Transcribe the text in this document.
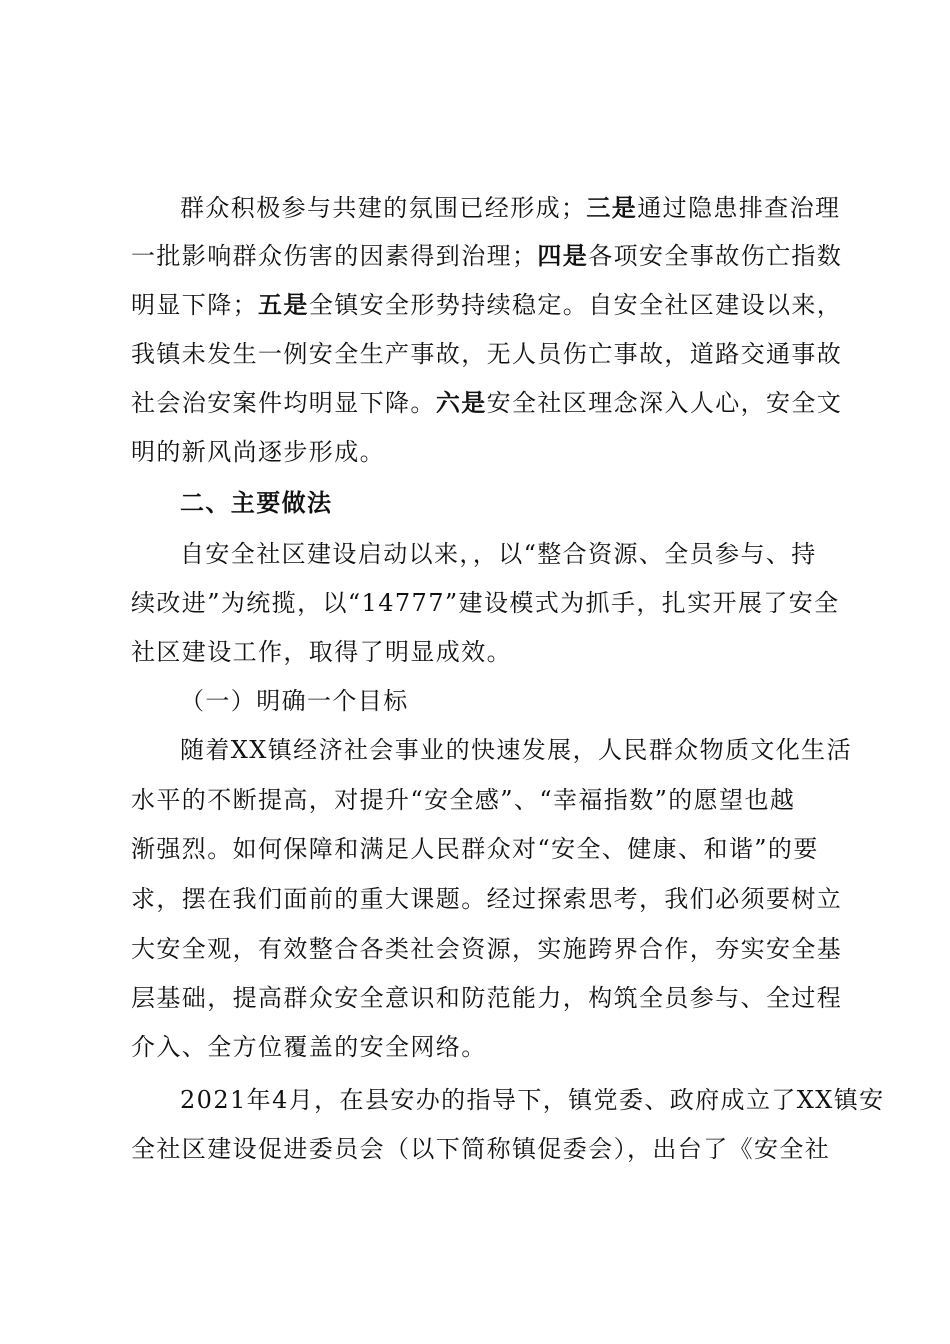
群众积极参与共建的氛围已经形成；三是通过隐患排查治理
一批影响群众伤害的因素得到治理；四是各项安全事故伤亡指数
明显下降；五是全镇安全形势持续稳定。自安全社区建设以来，
我镇未发生一例安全生产事故，无人员伤亡事故，道路交通事故
社会治安案件均明显下降。六是安全社区理念深入人心，安全文
明的新风尚逐步形成。
二、主要做法
自安全社区建设启动以来，，以“整合资源、全员参与、持
续改进”为统揽，以“14777”建设模式为抓手，扎实开展了安全
社区建设工作，取得了明显成效。
（一）明确一个目标
随着XX镇经济社会事业的快速发展，人民群众物质文化生活
水平的不断提高，对提升“安全感”、“幸福指数”的愿望也越
渐强烈。如何保障和满足人民群众对“安全、健康、和谐”的要
求，摆在我们面前的重大课题。经过探索思考，我们必须要树立
大安全观，有效整合各类社会资源，实施跨界合作，夯实安全基
层基础，提高群众安全意识和防范能力，构筑全员参与、全过程
介入、全方位覆盖的安全网络。
2021年4月，在县安办的指导下，镇党委、政府成立了XX镇安
全社区建设促进委员会（以下简称镇促委会），出台了《安全社
